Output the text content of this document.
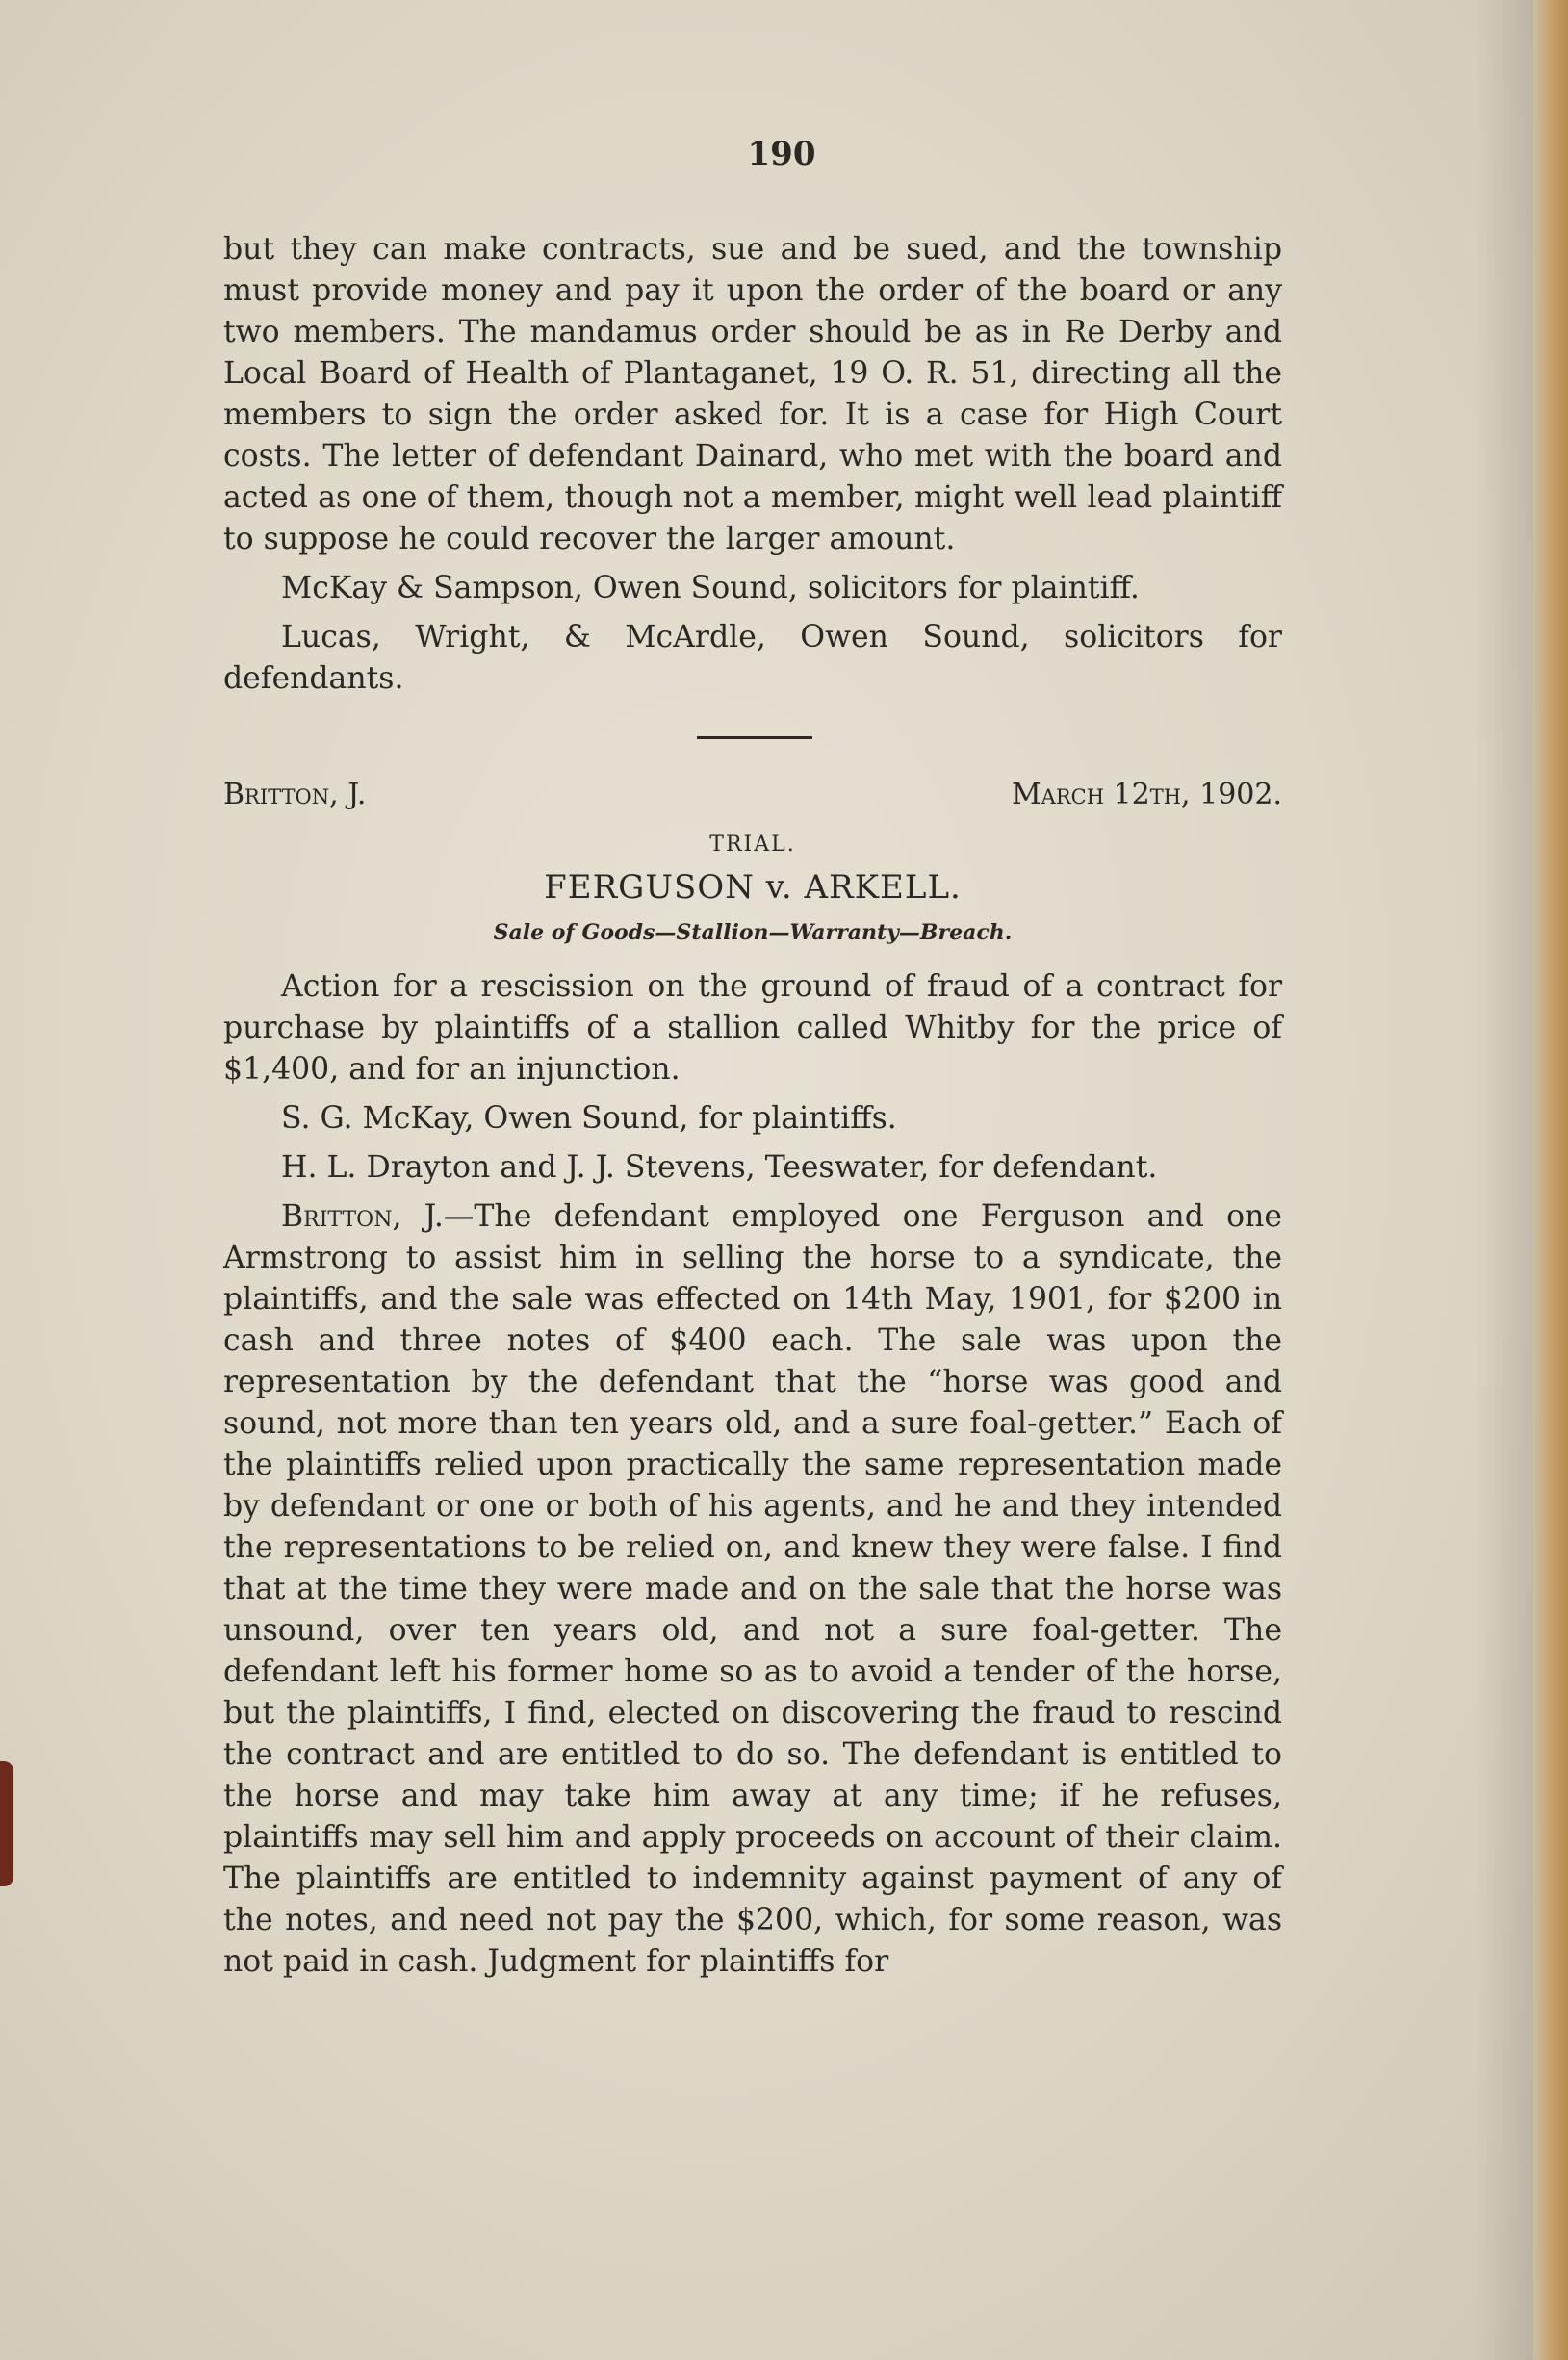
190

but they can make contracts, sue and be sued, and the township must provide money and pay it upon the order of the board or any two members. The mandamus order should be as in Re Derby and Local Board of Health of Plantaganet, 19 O. R. 51, directing all the members to sign the order asked for. It is a case for High Court costs. The letter of defendant Dainard, who met with the board and acted as one of them, though not a member, might well lead plaintiff to suppose he could recover the larger amount.

McKay & Sampson, Owen Sound, solicitors for plaintiff.

Lucas, Wright, & McArdle, Owen Sound, solicitors for defendants.

Britton, J.	March 12th, 1902.
TRIAL.
FERGUSON v. ARKELL.
Sale of Goods—Stallion—Warranty—Breach.

Action for a rescission on the ground of fraud of a contract for purchase by plaintiffs of a stallion called Whitby for the price of $1,400, and for an injunction.

S. G. McKay, Owen Sound, for plaintiffs.

H. L. Drayton and J. J. Stevens, Teeswater, for defendant.

Britton, J.—The defendant employed one Ferguson and one Armstrong to assist him in selling the horse to a syndicate, the plaintiffs, and the sale was effected on 14th May, 1901, for $200 in cash and three notes of $400 each. The sale was upon the representation by the defendant that the “horse was good and sound, not more than ten years old, and a sure foal-getter.” Each of the plaintiffs relied upon practically the same representation made by defendant or one or both of his agents, and he and they intended the representations to be relied on, and knew they were false. I find that at the time they were made and on the sale that the horse was unsound, over ten years old, and not a sure foal-getter. The defendant left his former home so as to avoid a tender of the horse, but the plaintiffs, I find, elected on discovering the fraud to rescind the contract and are entitled to do so. The defendant is entitled to the horse and may take him away at any time; if he refuses, plaintiffs may sell him and apply proceeds on account of their claim. The plaintiffs are entitled to indemnity against payment of any of the notes, and need not pay the $200, which, for some reason, was not paid in cash. Judgment for plaintiffs for
